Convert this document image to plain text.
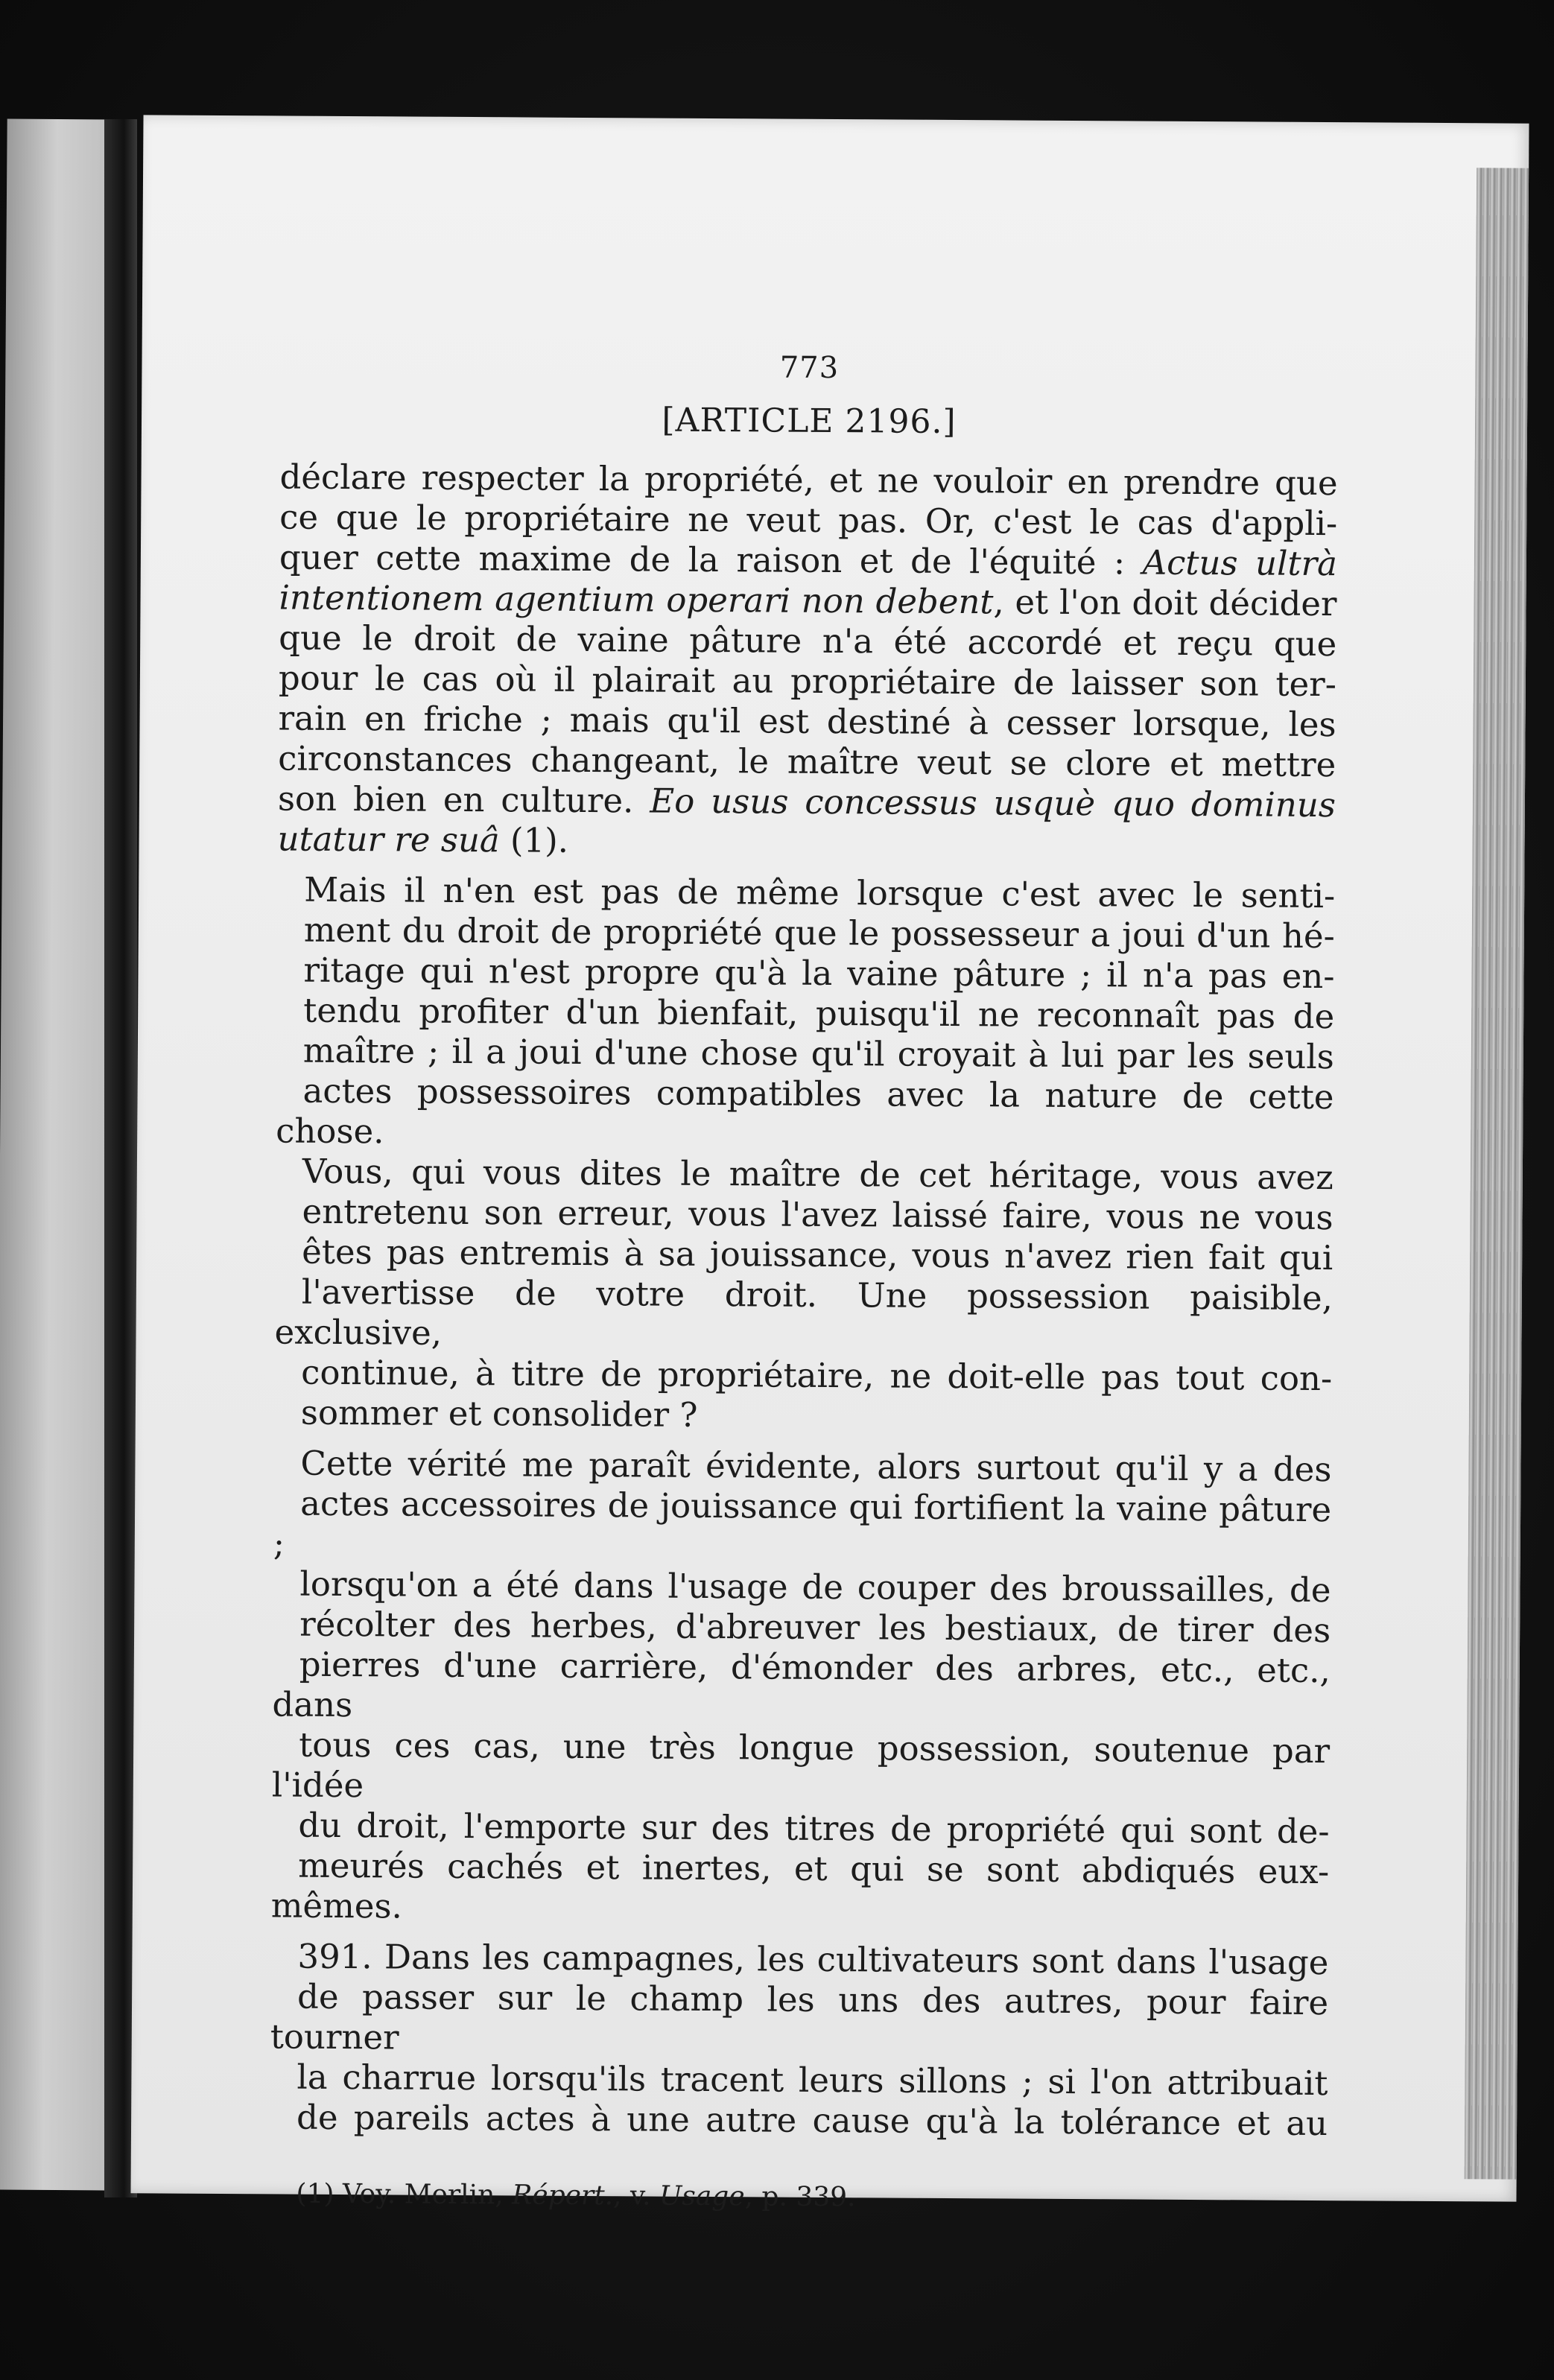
773
[ARTICLE 2196.]
déclare respecter la propriété, et ne vouloir en prendre que
ce que le propriétaire ne veut pas. Or, c'est le cas d'appli-
quer cette maxime de la raison et de l'équité : Actus ultrà
intentionem agentium operari non debent, et l'on doit décider
que le droit de vaine pâture n'a été accordé et reçu que
pour le cas où il plairait au propriétaire de laisser son ter-
rain en friche ; mais qu'il est destiné à cesser lorsque, les
circonstances changeant, le maître veut se clore et mettre
son bien en culture. Eo usus concessus usquè quo dominus
utatur re suâ (1).
Mais il n'en est pas de même lorsque c'est avec le senti-
ment du droit de propriété que le possesseur a joui d'un hé-
ritage qui n'est propre qu'à la vaine pâture ; il n'a pas en-
tendu profiter d'un bienfait, puisqu'il ne reconnaît pas de
maître ; il a joui d'une chose qu'il croyait à lui par les seuls
actes possessoires compatibles avec la nature de cette chose.
Vous, qui vous dites le maître de cet héritage, vous avez
entretenu son erreur, vous l'avez laissé faire, vous ne vous
êtes pas entremis à sa jouissance, vous n'avez rien fait qui
l'avertisse de votre droit. Une possession paisible, exclusive,
continue, à titre de propriétaire, ne doit-elle pas tout con-
sommer et consolider ?
Cette vérité me paraît évidente, alors surtout qu'il y a des
actes accessoires de jouissance qui fortifient la vaine pâture ;
lorsqu'on a été dans l'usage de couper des broussailles, de
récolter des herbes, d'abreuver les bestiaux, de tirer des
pierres d'une carrière, d'émonder des arbres, etc., etc., dans
tous ces cas, une très longue possession, soutenue par l'idée
du droit, l'emporte sur des titres de propriété qui sont de-
meurés cachés et inertes, et qui se sont abdiqués eux-mêmes.
391. Dans les campagnes, les cultivateurs sont dans l'usage
de passer sur le champ les uns des autres, pour faire tourner
la charrue lorsqu'ils tracent leurs sillons ; si l'on attribuait
de pareils actes à une autre cause qu'à la tolérance et au
(1) Voy. Merlin, Répert., v. Usage, p. 339.
